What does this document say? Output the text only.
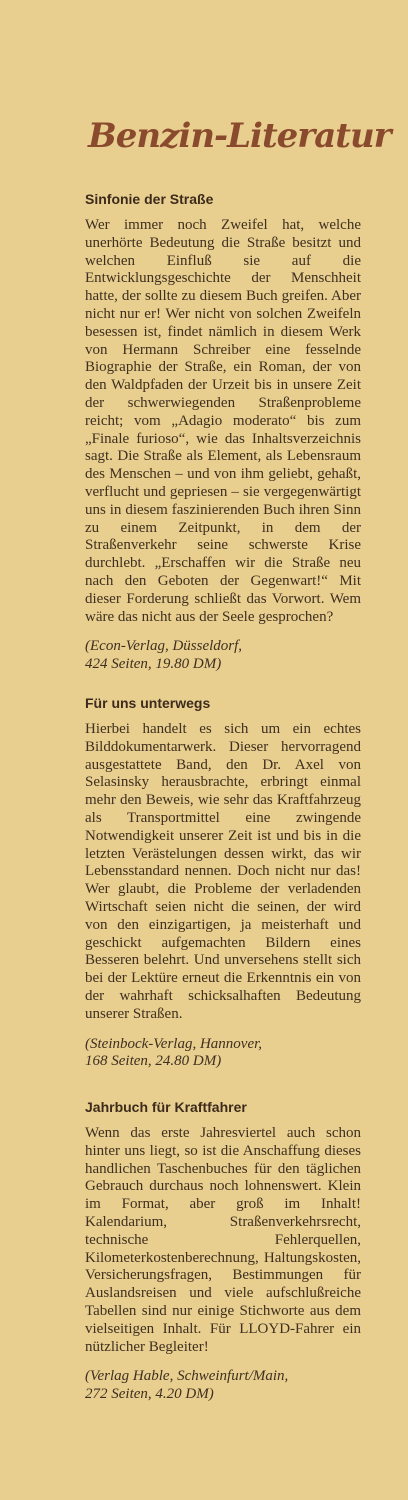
Benzin-Literatur
Sinfonie der Straße

Wer immer noch Zweifel hat, welche unerhörte Bedeutung die Straße besitzt und welchen Einfluß sie auf die Entwicklungsgeschichte der Menschheit hatte, der sollte zu diesem Buch greifen. Aber nicht nur er! Wer nicht von solchen Zweifeln besessen ist, findet nämlich in diesem Werk von Hermann Schreiber eine fesselnde Biographie der Straße, ein Roman, der von den Waldpfaden der Urzeit bis in unsere Zeit der schwerwiegenden Straßenprobleme reicht; vom „Adagio moderato“ bis zum „Finale furioso“, wie das Inhaltsverzeichnis sagt. Die Straße als Element, als Lebensraum des Menschen – und von ihm geliebt, gehaßt, verflucht und gepriesen – sie vergegenwärtigt uns in diesem faszinierenden Buch ihren Sinn zu einem Zeitpunkt, in dem der Straßenverkehr seine schwerste Krise durchlebt. „Erschaffen wir die Straße neu nach den Geboten der Gegenwart!“ Mit dieser Forderung schließt das Vorwort. Wem wäre das nicht aus der Seele gesprochen?

(Econ-Verlag, Düsseldorf,
424 Seiten, 19.80 DM)

Für uns unterwegs

Hierbei handelt es sich um ein echtes Bilddokumentarwerk. Dieser hervorragend ausgestattete Band, den Dr. Axel von Selasinsky herausbrachte, erbringt einmal mehr den Beweis, wie sehr das Kraftfahrzeug als Transportmittel eine zwingende Notwendigkeit unserer Zeit ist und bis in die letzten Verästelungen dessen wirkt, das wir Lebensstandard nennen. Doch nicht nur das! Wer glaubt, die Probleme der verladenden Wirtschaft seien nicht die seinen, der wird von den einzigartigen, ja meisterhaft und geschickt aufgemachten Bildern eines Besseren belehrt. Und unversehens stellt sich bei der Lektüre erneut die Erkenntnis ein von der wahrhaft schicksalhaften Bedeutung unserer Straßen.

(Steinbock-Verlag, Hannover,
168 Seiten, 24.80 DM)

Jahrbuch für Kraftfahrer

Wenn das erste Jahresviertel auch schon hinter uns liegt, so ist die Anschaffung dieses handlichen Taschenbuches für den täglichen Gebrauch durchaus noch lohnenswert. Klein im Format, aber groß im Inhalt! Kalendarium, Straßenverkehrsrecht, technische Fehlerquellen, Kilometerkostenberechnung, Haltungskosten, Versicherungsfragen, Bestimmungen für Auslandsreisen und viele aufschlußreiche Tabellen sind nur einige Stichworte aus dem vielseitigen Inhalt. Für LLOYD-Fahrer ein nützlicher Begleiter!

(Verlag Hable, Schweinfurt/Main,
272 Seiten, 4.20 DM)
